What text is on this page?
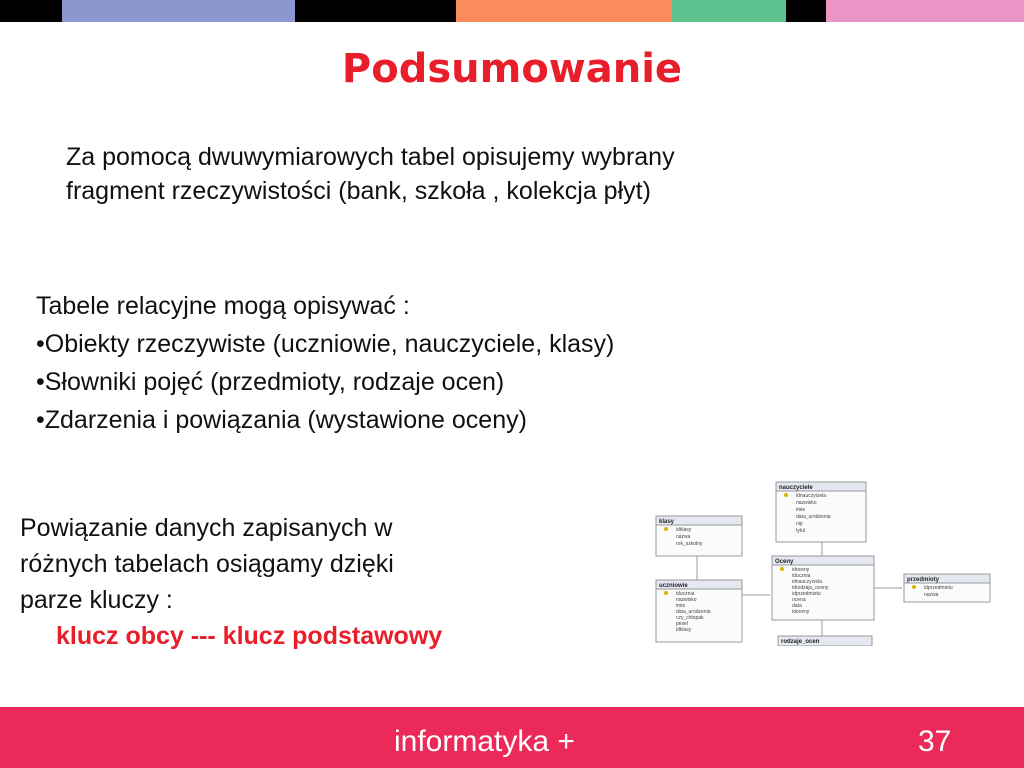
Podsumowanie
Za pomocą dwuwymiarowych tabel opisujemy wybrany
fragment rzeczywistości (bank, szkoła , kolekcja płyt)
Tabele relacyjne mogą opisywać :
•Obiekty rzeczywiste (uczniowie, nauczyciele, klasy)
•Słowniki pojęć (przedmioty, rodzaje ocen)
•Zdarzenia i powiązania (wystawione oceny)
Powiązanie danych zapisanych w
różnych tabelach osiągamy dzięki
parze kluczy :
klucz obcy --- klucz podstawowy
klasy
idklasy
nazwa
rok_szkolny
uczniowie
iducznia
nazwisko
imie
data_urodzenia
czy_chlopak
pesel
idklasy
nauczyciele
idnauczyciela
nazwisko
imie
data_urodzenia
nip
tytul
Oceny
idoceny
iducznia
idnauczyciela
idrodzaju_oceny
idprzedmiotu
ocena
data
idoceny
przedmioty
idprzedmiotu
nazwa
rodzaje_ocen
informatyka +	37
